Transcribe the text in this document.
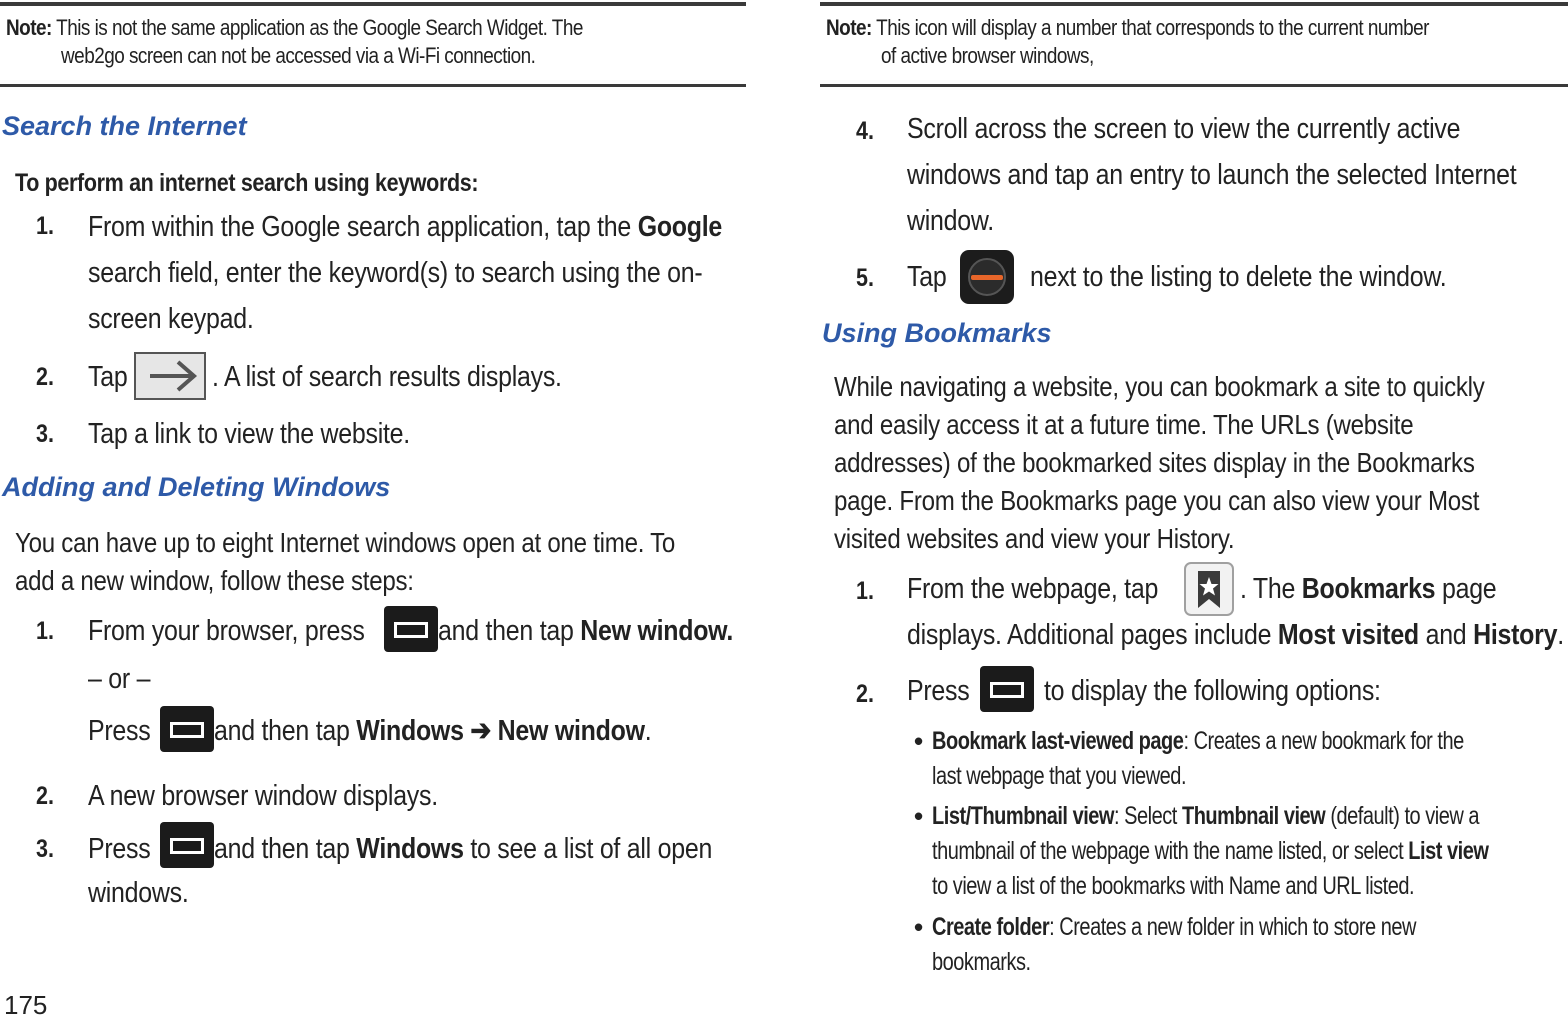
Note: This is not the same application as the Google Search Widget. The
web2go screen can not be accessed via a Wi-Fi connection.
Search the Internet
To perform an internet search using keywords:
1. From within the Google search application, tap the Google
search field, enter the keyword(s) to search using the on-
screen keypad.
2. Tap	. A list of search results displays.
3. Tap a link to view the website.
Adding and Deleting Windows
You can have up to eight Internet windows open at one time. To
add a new window, follow these steps:
1. From your browser, press	and then tap New window.
– or –
Press and then tap Windows ➔ New window.
2. A new browser window displays.
3. Press and then tap Windows to see a list of all open

windows.
175
Note: This icon will display a number that corresponds to the current number
of active browser windows,
4. Scroll across the screen to view the currently active
windows and tap an entry to launch the selected Internet
window.
5. Tap	next to the listing to delete the window.
Using Bookmarks
While navigating a website, you can bookmark a site to quickly
and easily access it at a future time. The URLs (website
addresses) of the bookmarked sites display in the Bookmarks
page. From the Bookmarks page you can also view your Most
visited websites and view your History.
1. From the webpage, tap	. The Bookmarks page
displays. Additional pages include Most visited and History.
2. Press	to display the following options:
• Bookmark last-viewed page: Creates a new bookmark for the
last webpage that you viewed.
• List/Thumbnail view: Select Thumbnail view (default) to view a
thumbnail of the webpage with the name listed, or select List view
to view a list of the bookmarks with Name and URL listed.
• Create folder: Creates a new folder in which to store new
bookmarks.
